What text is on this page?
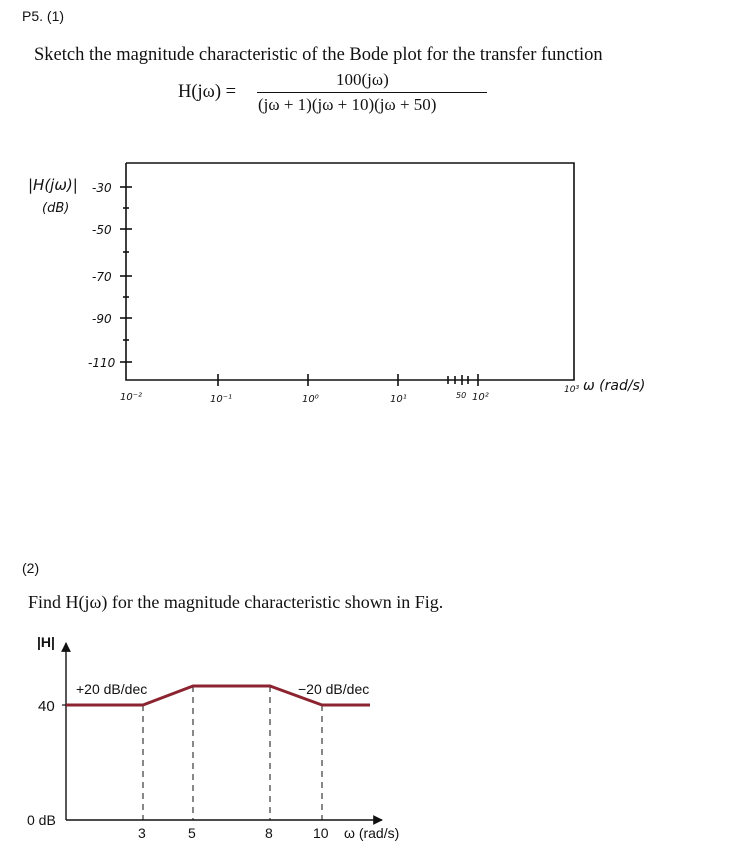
P5. (1)
Sketch the magnitude characteristic of the Bode plot for the transfer function
H(jω) =
100(jω)
(jω + 1)(jω + 10)(jω + 50)
|H(jω)|
(dB)
-30
-50
-70
-90
-110
10⁻²	10⁻¹	10⁰	10¹	50 10²
10³ ω (rad/s)
(2)
Find H(jω) for the magnitude characteristic shown in Fig.
|H|
40
0 dB
3	5	8	10 ω (rad/s)
+20 dB/dec	−20 dB/dec
